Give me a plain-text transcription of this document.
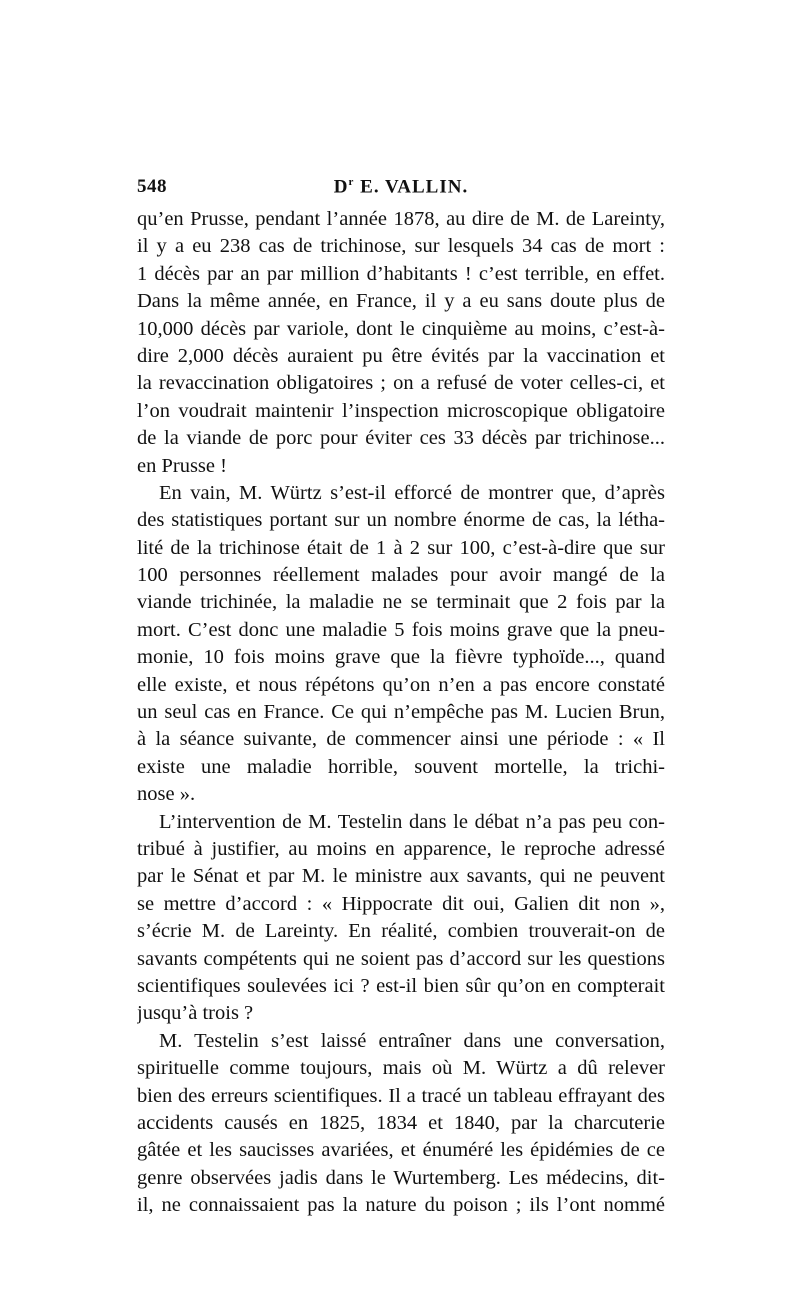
548	$D^r$ E. VALLIN.
qu’en Prusse, pendant l’année 1878, au dire de M. de Lareinty,
il y a eu 238 cas de trichinose, sur lesquels 34 cas de mort :
1 décès par an par million d’habitants ! c’est terrible, en effet.
Dans la même année, en France, il y a eu sans doute plus de
10,000 décès par variole, dont le cinquième au moins, c’est-à-
dire 2,000 décès auraient pu être évités par la vaccination et
la revaccination obligatoires ; on a refusé de voter celles-ci, et
l’on voudrait maintenir l’inspection microscopique obligatoire
de la viande de porc pour éviter ces 33 décès par trichinose...
en Prusse !
En vain, M. Würtz s’est-il efforcé de montrer que, d’après
des statistiques portant sur un nombre énorme de cas, la létha-
lité de la trichinose était de 1 à 2 sur 100, c’est-à-dire que sur
100 personnes réellement malades pour avoir mangé de la
viande trichinée, la maladie ne se terminait que 2 fois par la
mort. C’est donc une maladie 5 fois moins grave que la pneu-
monie, 10 fois moins grave que la fièvre typhoïde..., quand
elle existe, et nous répétons qu’on n’en a pas encore constaté
un seul cas en France. Ce qui n’empêche pas M. Lucien Brun,
à la séance suivante, de commencer ainsi une période : « Il
existe une maladie horrible, souvent mortelle, la trichi-
nose ».
L’intervention de M. Testelin dans le débat n’a pas peu con-
tribué à justifier, au moins en apparence, le reproche adressé
par le Sénat et par M. le ministre aux savants, qui ne peuvent
se mettre d’accord : « Hippocrate dit oui, Galien dit non »,
s’écrie M. de Lareinty. En réalité, combien trouverait-on de
savants compétents qui ne soient pas d’accord sur les questions
scientifiques soulevées ici ? est-il bien sûr qu’on en compterait
jusqu’à trois ?
M. Testelin s’est laissé entraîner dans une conversation,
spirituelle comme toujours, mais où M. Würtz a dû relever
bien des erreurs scientifiques. Il a tracé un tableau effrayant des
accidents causés en 1825, 1834 et 1840, par la charcuterie
gâtée et les saucisses avariées, et énuméré les épidémies de ce
genre observées jadis dans le Wurtemberg. Les médecins, dit-
il, ne connaissaient pas la nature du poison ; ils l’ont nommé
